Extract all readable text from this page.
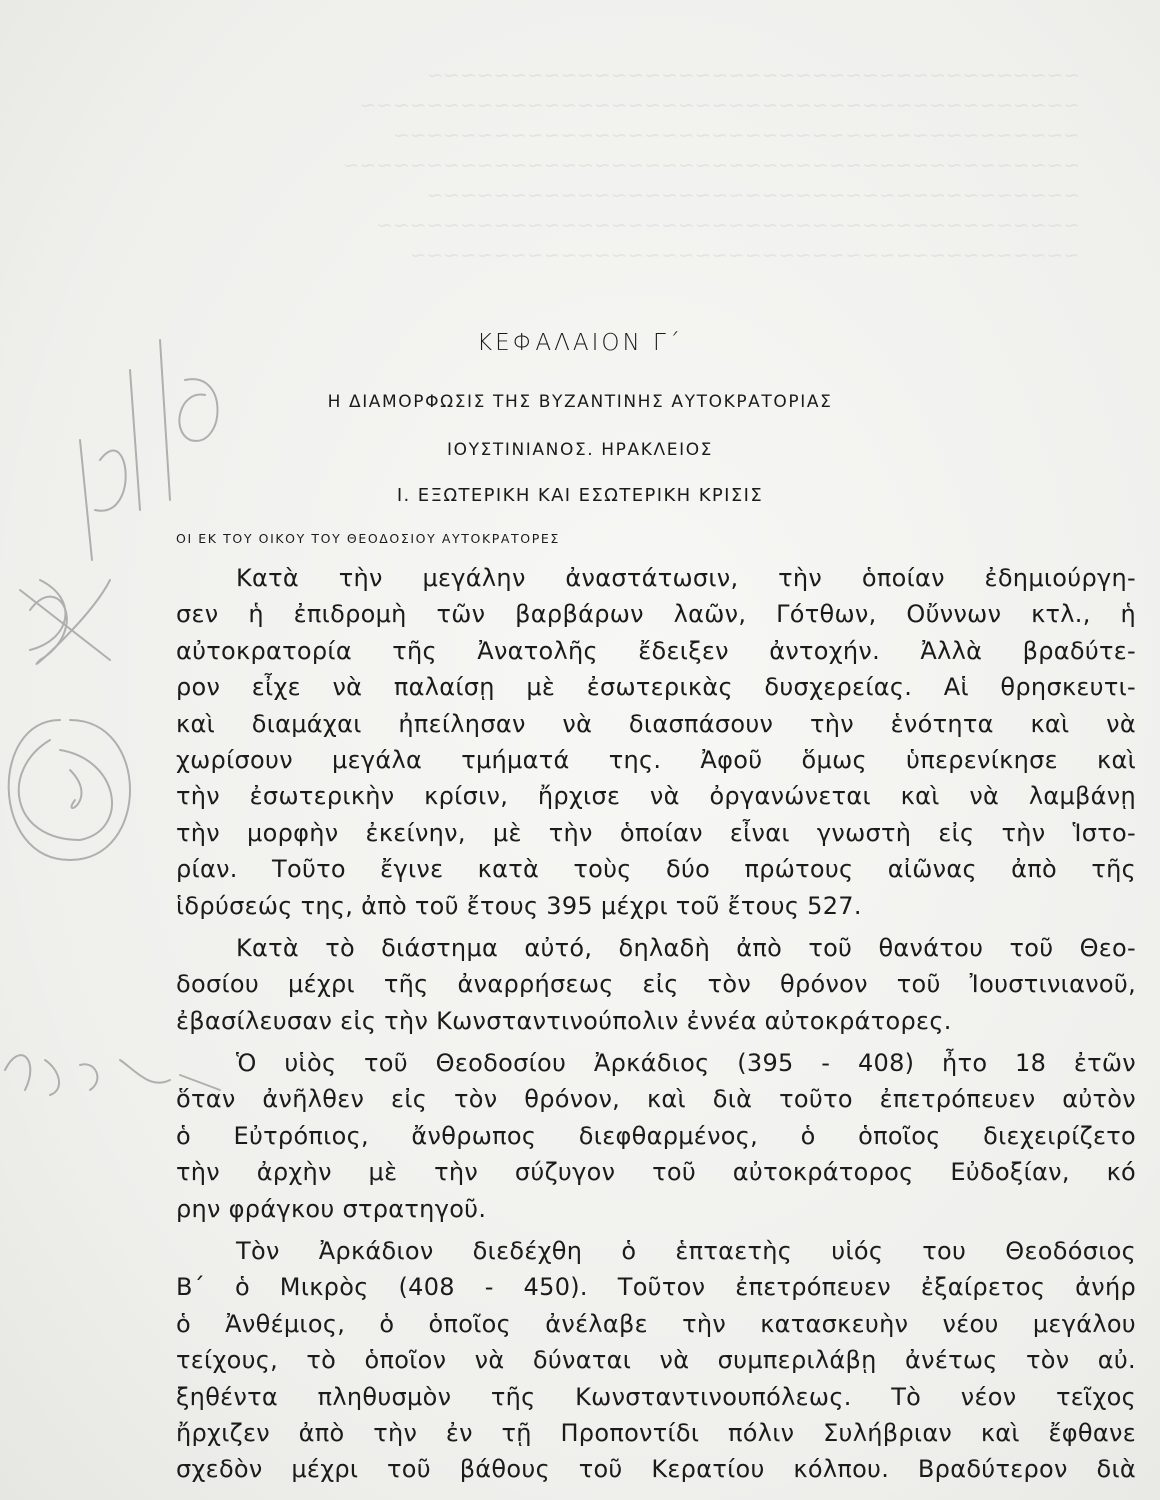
~~~~~~~~~~~~~~~~~~~~~~~~~~~~~~~~~~~~~~~
~~~~~~~~~~~~~~~~~~~~~~~~~~~~~~~~~~~~~~~~~~~
~~~~~~~~~~~~~~~~~~~~~~~~~~~~~~~~~~~~~~~~~
~~~~~~~~~~~~~~~~~~~~~~~~~~~~~~~~~~~~~~~~~~~~
~~~~~~~~~~~~~~~~~~~~~~~~~~~~~~~~~~~~~~~
~~~~~~~~~~~~~~~~~~~~~~~~~~~~~~~~~~~~~~~~~~
~~~~~~~~~~~~~~~~~~~~~~~~~~~~~~~~~~~~~~~~
ΚΕΦΑΛΑΙΟΝ Γ΄
Η ΔΙΑΜΟΡΦΩΣΙΣ ΤΗΣ ΒΥΖΑΝΤΙΝΗΣ ΑΥΤΟΚΡΑΤΟΡΙΑΣ
ΙΟΥΣΤΙΝΙΑΝΟΣ. ΗΡΑΚΛΕΙΟΣ
Ι. ΕΞΩΤΕΡΙΚΗ ΚΑΙ ΕΣΩΤΕΡΙΚΗ ΚΡΙΣΙΣ
ΟΙ ΕΚ ΤΟΥ ΟΙΚΟΥ ΤΟΥ ΘΕΟΔΟΣΙΟΥ ΑΥΤΟΚΡΑΤΟΡΕΣ
Κατὰ τὴν μεγάλην ἀναστάτωσιν, τὴν ὁποίαν ἐδημιούργη-
σεν ἡ ἐπιδρομὴ τῶν βαρβάρων λαῶν, Γότθων, Οὔννων κτλ., ἡ
αὐτοκρατορία τῆς Ἀνατολῆς ἔδειξεν ἀντοχήν. Ἀλλὰ βραδύτε-
ρον εἶχε νὰ παλαίσῃ μὲ ἐσωτερικὰς δυσχερείας. Αἱ θρησκευτι-
καὶ διαμάχαι ἠπείλησαν νὰ διασπάσουν τὴν ἑνότητα καὶ νὰ
χωρίσουν μεγάλα τμήματά της. Ἀφοῦ ὅμως ὑπερενίκησε καὶ
τὴν ἐσωτερικὴν κρίσιν, ἤρχισε νὰ ὀργανώνεται καὶ νὰ λαμβάνῃ
τὴν μορφὴν ἐκείνην, μὲ τὴν ὁποίαν εἶναι γνωστὴ εἰς τὴν Ἱστο-
ρίαν. Τοῦτο ἔγινε κατὰ τοὺς δύο πρώτους αἰῶνας ἀπὸ τῆς
ἱδρύσεώς της, ἀπὸ τοῦ ἔτους 395 μέχρι τοῦ ἔτους 527.
Κατὰ τὸ διάστημα αὐτό, δηλαδὴ ἀπὸ τοῦ θανάτου τοῦ Θεο-
δοσίου μέχρι τῆς ἀναρρήσεως εἰς τὸν θρόνον τοῦ Ἰουστινιανοῦ,
ἐβασίλευσαν εἰς τὴν Κωνσταντινούπολιν ἐννέα αὐτοκράτορες.
Ὁ υἱὸς τοῦ Θεοδοσίου Ἀρκάδιος (395 - 408) ἦτο 18 ἐτῶν
ὅταν ἀνῆλθεν εἰς τὸν θρόνον, καὶ διὰ τοῦτο ἐπετρόπευεν αὐτὸν
ὁ Εὐτρόπιος, ἄνθρωπος διεφθαρμένος, ὁ ὁποῖος διεχειρίζετο
τὴν ἀρχὴν μὲ τὴν σύζυγον τοῦ αὐτοκράτορος Εὐδοξίαν, κό
ρην φράγκου στρατηγοῦ.
Τὸν Ἀρκάδιον διεδέχθη ὁ ἑπταετὴς υἱός του Θεοδόσιος
Β΄ ὁ Μικρὸς (408 - 450). Τοῦτον ἐπετρόπευεν ἐξαίρετος ἀνήρ
ὁ Ἀνθέμιος, ὁ ὁποῖος ἀνέλαβε τὴν κατασκευὴν νέου μεγάλου
τείχους, τὸ ὁποῖον νὰ δύναται νὰ συμπεριλάβῃ ἀνέτως τὸν αὐ.
ξηθέντα πληθυσμὸν τῆς Κωνσταντινουπόλεως. Τὸ νέον τεῖχος
ἤρχιζεν ἀπὸ τὴν ἐν τῇ Προποντίδι πόλιν Συλήβριαν καὶ ἔφθανε
σχεδὸν μέχρι τοῦ βάθους τοῦ Κερατίου κόλπου. Βραδύτερον διὰ
